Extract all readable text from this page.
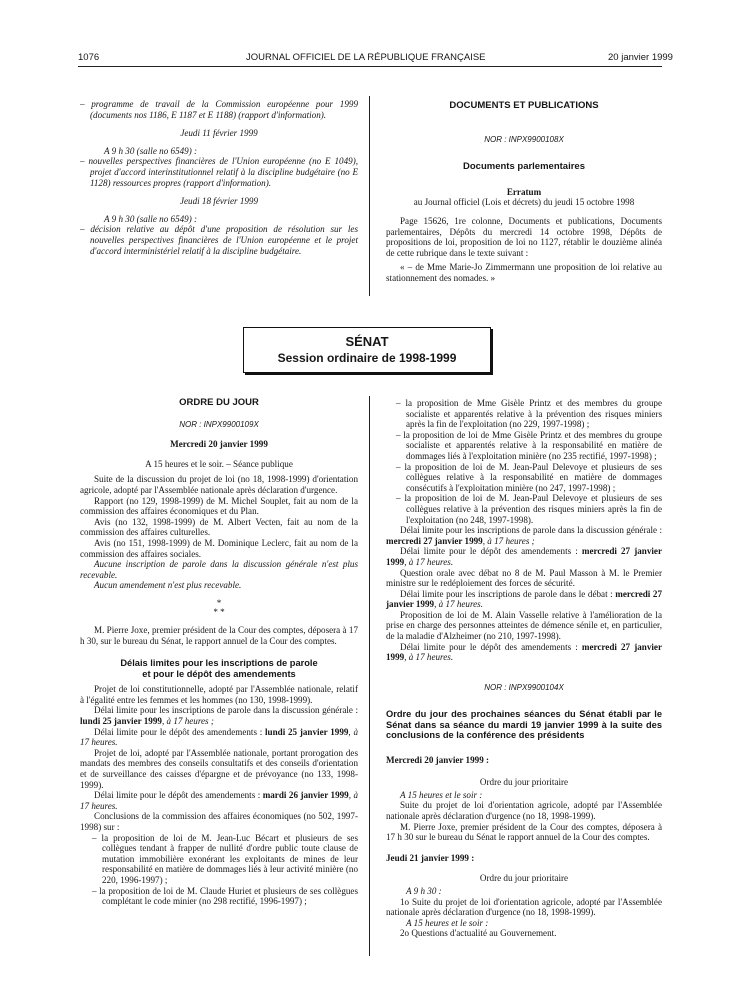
1076	JOURNAL OFFICIEL DE LA RÉPUBLIQUE FRANÇAISE	20 janvier 1999

– programme de travail de la Commission européenne pour 1999 (documents nos 1186, E 1187 et E 1188) (rapport d'information).

Jeudi 11 février 1999

A 9 h 30 (salle no 6549) :

– nouvelles perspectives financières de l'Union européenne (no E 1049), projet d'accord interinstitutionnel relatif à la discipline budgétaire (no E 1128) ressources propres (rapport d'information).

Jeudi 18 février 1999

A 9 h 30 (salle no 6549) :

– décision relative au dépôt d'une proposition de résolution sur les nouvelles perspectives financières de l'Union européenne et le projet d'accord interministériel relatif à la discipline budgétaire.

DOCUMENTS ET PUBLICATIONS

NOR : INPX9900108X

Documents parlementaires

Erratum

au Journal officiel (Lois et décrets) du jeudi 15 octobre 1998

Page 15626, 1re colonne, Documents et publications, Documents parlementaires, Dépôts du mercredi 14 octobre 1998, Dépôts de propositions de loi, proposition de loi no 1127, rétablir le douzième alinéa de cette rubrique dans le texte suivant :

« – de Mme Marie-Jo Zimmermann une proposition de loi relative au stationnement des nomades. »

SÉNAT
Session ordinaire de 1998-1999

ORDRE DU JOUR

NOR : INPX9900109X

Mercredi 20 janvier 1999

A 15 heures et le soir. – Séance publique

Suite de la discussion du projet de loi (no 18, 1998-1999) d'orientation agricole, adopté par l'Assemblée nationale après déclaration d'urgence.

Rapport (no 129, 1998-1999) de M. Michel Souplet, fait au nom de la commission des affaires économiques et du Plan.

Avis (no 132, 1998-1999) de M. Albert Vecten, fait au nom de la commission des affaires culturelles.

Avis (no 151, 1998-1999) de M. Dominique Leclerc, fait au nom de la commission des affaires sociales.

Aucune inscription de parole dans la discussion générale n'est plus recevable.

Aucun amendement n'est plus recevable.

*

* *

M. Pierre Joxe, premier président de la Cour des comptes, déposera à 17 h 30, sur le bureau du Sénat, le rapport annuel de la Cour des comptes.

Délais limites pour les inscriptions de parole

et pour le dépôt des amendements

Projet de loi constitutionnelle, adopté par l'Assemblée nationale, relatif à l'égalité entre les femmes et les hommes (no 130, 1998-1999).

Délai limite pour les inscriptions de parole dans la discussion générale : lundi 25 janvier 1999, à 17 heures ;

Délai limite pour le dépôt des amendements : lundi 25 janvier 1999, à 17 heures.

Projet de loi, adopté par l'Assemblée nationale, portant prorogation des mandats des membres des conseils consultatifs et des conseils d'orientation et de surveillance des caisses d'épargne et de prévoyance (no 133, 1998-1999).

Délai limite pour le dépôt des amendements : mardi 26 janvier 1999, à 17 heures.

Conclusions de la commission des affaires économiques (no 502, 1997-1998) sur :

– la proposition de loi de M. Jean-Luc Bécart et plusieurs de ses collègues tendant à frapper de nullité d'ordre public toute clause de mutation immobilière exonérant les exploitants de mines de leur responsabilité en matière de dommages liés à leur activité minière (no 220, 1996-1997) ;

– la proposition de loi de M. Claude Huriet et plusieurs de ses collègues complétant le code minier (no 298 rectifié, 1996-1997) ;

– la proposition de Mme Gisèle Printz et des membres du groupe socialiste et apparentés relative à la prévention des risques miniers après la fin de l'exploitation (no 229, 1997-1998) ;

– la proposition de loi de Mme Gisèle Printz et des membres du groupe socialiste et apparentés relative à la responsabilité en matière de dommages liés à l'exploitation minière (no 235 rectifié, 1997-1998) ;

– la proposition de loi de M. Jean-Paul Delevoye et plusieurs de ses collègues relative à la responsabilité en matière de dommages consécutifs à l'exploitation minière (no 247, 1997-1998) ;

– la proposition de loi de M. Jean-Paul Delevoye et plusieurs de ses collègues relative à la prévention des risques miniers après la fin de l'exploitation (no 248, 1997-1998).

Délai limite pour les inscriptions de parole dans la discussion générale : mercredi 27 janvier 1999, à 17 heures ;

Délai limite pour le dépôt des amendements : mercredi 27 janvier 1999, à 17 heures.

Question orale avec débat no 8 de M. Paul Masson à M. le Premier ministre sur le redéploiement des forces de sécurité.

Délai limite pour les inscriptions de parole dans le débat : mercredi 27 janvier 1999, à 17 heures.

Proposition de loi de M. Alain Vasselle relative à l'amélioration de la prise en charge des personnes atteintes de démence sénile et, en particulier, de la maladie d'Alzheimer (no 210, 1997-1998).

Délai limite pour le dépôt des amendements : mercredi 27 janvier 1999, à 17 heures.

NOR : INPX9900104X

Ordre du jour des prochaines séances du Sénat établi par le Sénat dans sa séance du mardi 19 janvier 1999 à la suite des conclusions de la conférence des présidents

Mercredi 20 janvier 1999 :

Ordre du jour prioritaire

A 15 heures et le soir :

Suite du projet de loi d'orientation agricole, adopté par l'Assemblée nationale après déclaration d'urgence (no 18, 1998-1999).

M. Pierre Joxe, premier président de la Cour des comptes, déposera à 17 h 30 sur le bureau du Sénat le rapport annuel de la Cour des comptes.

Jeudi 21 janvier 1999 :

Ordre du jour prioritaire

A 9 h 30 :

1o Suite du projet de loi d'orientation agricole, adopté par l'Assemblée nationale après déclaration d'urgence (no 18, 1998-1999).

A 15 heures et le soir :

2o Questions d'actualité au Gouvernement.
